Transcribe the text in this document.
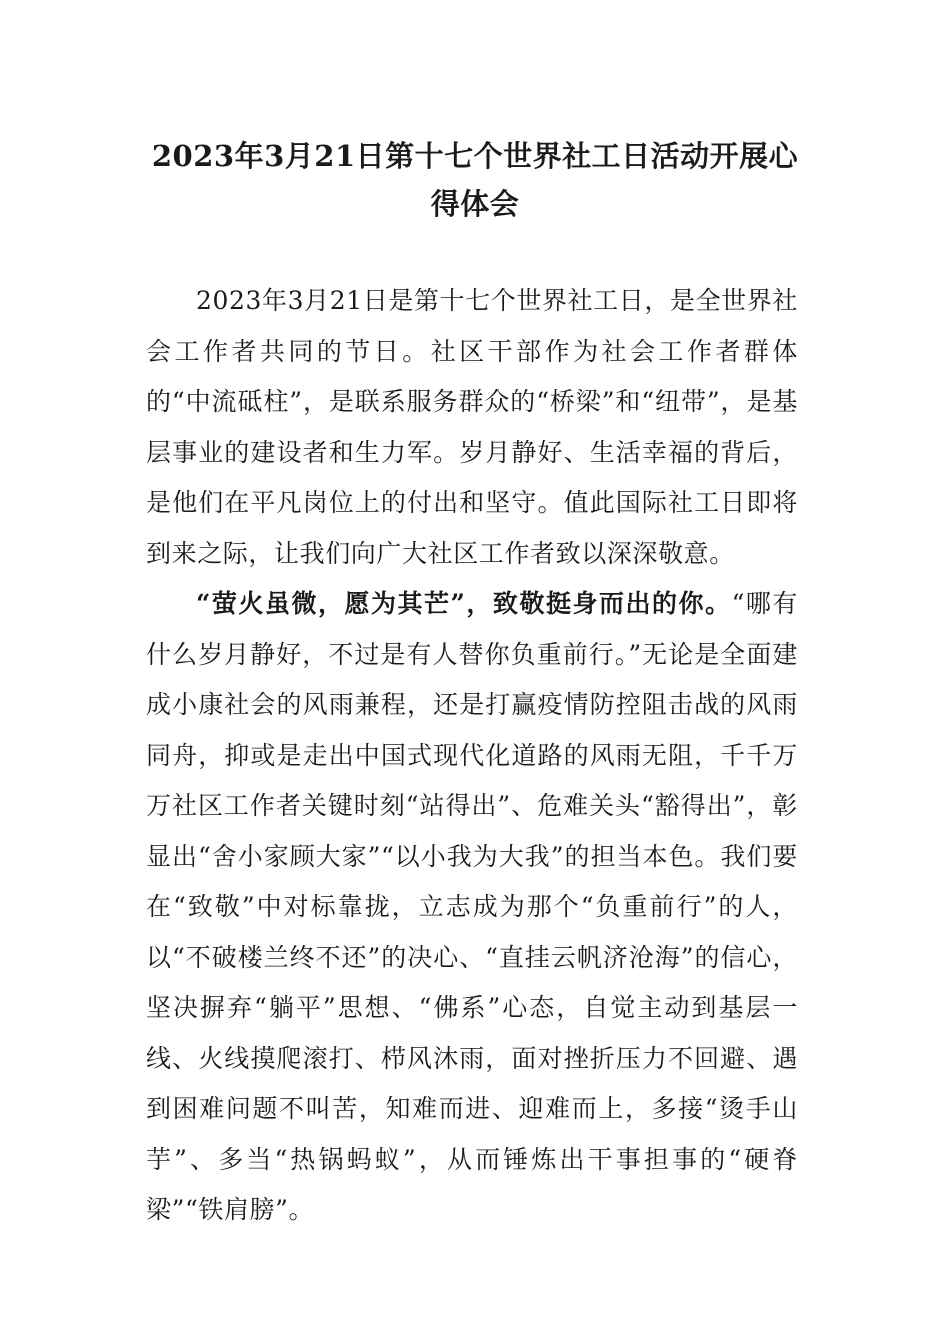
2023年3月21日第十七个世界社工日活动开展心得体会

2023年3月21日是第十七个世界社工日，是全世界社会工作者共同的节日。社区干部作为社会工作者群体的“中流砥柱”，是联系服务群众的“桥梁”和“纽带”，是基层事业的建设者和生力军。岁月静好、生活幸福的背后，是他们在平凡岗位上的付出和坚守。值此国际社工日即将到来之际，让我们向广大社区工作者致以深深敬意。

“萤火虽微，愿为其芒”，致敬挺身而出的你。“哪有什么岁月静好，不过是有人替你负重前行。”无论是全面建成小康社会的风雨兼程，还是打赢疫情防控阻击战的风雨同舟，抑或是走出中国式现代化道路的风雨无阻，千千万万社区工作者关键时刻“站得出”、危难关头“豁得出”，彰显出“舍小家顾大家”“以小我为大我”的担当本色。我们要在“致敬”中对标靠拢，立志成为那个“负重前行”的人，以“不破楼兰终不还”的决心、“直挂云帆济沧海”的信心，坚决摒弃“躺平”思想、“佛系”心态，自觉主动到基层一线、火线摸爬滚打、栉风沐雨，面对挫折压力不回避、遇到困难问题不叫苦，知难而进、迎难而上，多接“烫手山芋”、多当“热锅蚂蚁”，从而锤炼出干事担事的“硬脊梁”“铁肩膀”。
